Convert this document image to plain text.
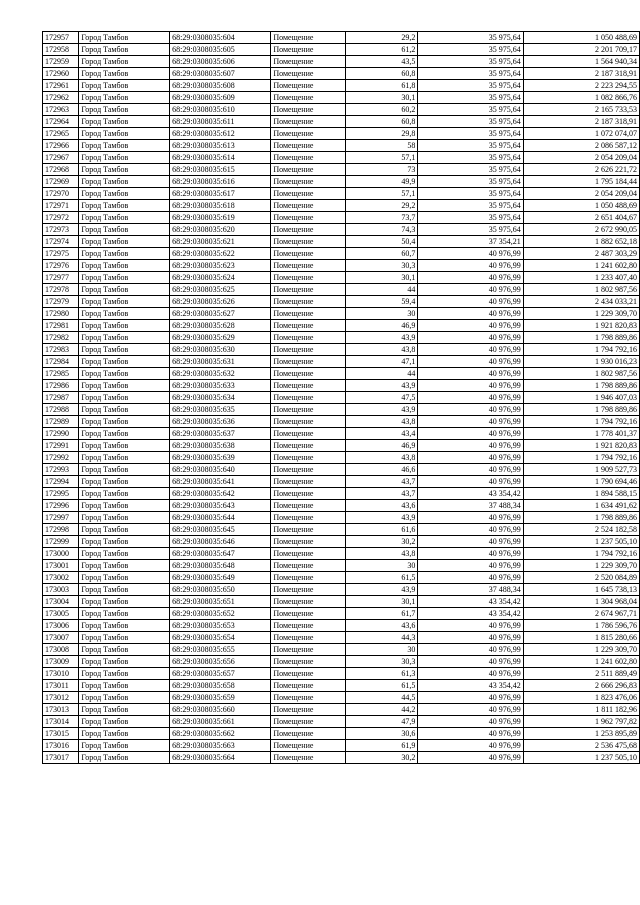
172957	Город Тамбов	68:29:0308035:604	Помещение	29,2	35 975,64	1 050 488,69
172958	Город Тамбов	68:29:0308035:605	Помещение	61,2	35 975,64	2 201 709,17
172959	Город Тамбов	68:29:0308035:606	Помещение	43,5	35 975,64	1 564 940,34
172960	Город Тамбов	68:29:0308035:607	Помещение	60,8	35 975,64	2 187 318,91
172961	Город Тамбов	68:29:0308035:608	Помещение	61,8	35 975,64	2 223 294,55
172962	Город Тамбов	68:29:0308035:609	Помещение	30,1	35 975,64	1 082 866,76
172963	Город Тамбов	68:29:0308035:610	Помещение	60,2	35 975,64	2 165 733,53
172964	Город Тамбов	68:29:0308035:611	Помещение	60,8	35 975,64	2 187 318,91
172965	Город Тамбов	68:29:0308035:612	Помещение	29,8	35 975,64	1 072 074,07
172966	Город Тамбов	68:29:0308035:613	Помещение	58	35 975,64	2 086 587,12
172967	Город Тамбов	68:29:0308035:614	Помещение	57,1	35 975,64	2 054 209,04
172968	Город Тамбов	68:29:0308035:615	Помещение	73	35 975,64	2 626 221,72
172969	Город Тамбов	68:29:0308035:616	Помещение	49,9	35 975,64	1 795 184,44
172970	Город Тамбов	68:29:0308035:617	Помещение	57,1	35 975,64	2 054 209,04
172971	Город Тамбов	68:29:0308035:618	Помещение	29,2	35 975,64	1 050 488,69
172972	Город Тамбов	68:29:0308035:619	Помещение	73,7	35 975,64	2 651 404,67
172973	Город Тамбов	68:29:0308035:620	Помещение	74,3	35 975,64	2 672 990,05
172974	Город Тамбов	68:29:0308035:621	Помещение	50,4	37 354,21	1 882 652,18
172975	Город Тамбов	68:29:0308035:622	Помещение	60,7	40 976,99	2 487 303,29
172976	Город Тамбов	68:29:0308035:623	Помещение	30,3	40 976,99	1 241 602,80
172977	Город Тамбов	68:29:0308035:624	Помещение	30,1	40 976,99	1 233 407,40
172978	Город Тамбов	68:29:0308035:625	Помещение	44	40 976,99	1 802 987,56
172979	Город Тамбов	68:29:0308035:626	Помещение	59,4	40 976,99	2 434 033,21
172980	Город Тамбов	68:29:0308035:627	Помещение	30	40 976,99	1 229 309,70
172981	Город Тамбов	68:29:0308035:628	Помещение	46,9	40 976,99	1 921 820,83
172982	Город Тамбов	68:29:0308035:629	Помещение	43,9	40 976,99	1 798 889,86
172983	Город Тамбов	68:29:0308035:630	Помещение	43,8	40 976,99	1 794 792,16
172984	Город Тамбов	68:29:0308035:631	Помещение	47,1	40 976,99	1 930 016,23
172985	Город Тамбов	68:29:0308035:632	Помещение	44	40 976,99	1 802 987,56
172986	Город Тамбов	68:29:0308035:633	Помещение	43,9	40 976,99	1 798 889,86
172987	Город Тамбов	68:29:0308035:634	Помещение	47,5	40 976,99	1 946 407,03
172988	Город Тамбов	68:29:0308035:635	Помещение	43,9	40 976,99	1 798 889,86
172989	Город Тамбов	68:29:0308035:636	Помещение	43,8	40 976,99	1 794 792,16
172990	Город Тамбов	68:29:0308035:637	Помещение	43,4	40 976,99	1 778 401,37
172991	Город Тамбов	68:29:0308035:638	Помещение	46,9	40 976,99	1 921 820,83
172992	Город Тамбов	68:29:0308035:639	Помещение	43,8	40 976,99	1 794 792,16
172993	Город Тамбов	68:29:0308035:640	Помещение	46,6	40 976,99	1 909 527,73
172994	Город Тамбов	68:29:0308035:641	Помещение	43,7	40 976,99	1 790 694,46
172995	Город Тамбов	68:29:0308035:642	Помещение	43,7	43 354,42	1 894 588,15
172996	Город Тамбов	68:29:0308035:643	Помещение	43,6	37 488,34	1 634 491,62
172997	Город Тамбов	68:29:0308035:644	Помещение	43,9	40 976,99	1 798 889,86
172998	Город Тамбов	68:29:0308035:645	Помещение	61,6	40 976,99	2 524 182,58
172999	Город Тамбов	68:29:0308035:646	Помещение	30,2	40 976,99	1 237 505,10
173000	Город Тамбов	68:29:0308035:647	Помещение	43,8	40 976,99	1 794 792,16
173001	Город Тамбов	68:29:0308035:648	Помещение	30	40 976,99	1 229 309,70
173002	Город Тамбов	68:29:0308035:649	Помещение	61,5	40 976,99	2 520 084,89
173003	Город Тамбов	68:29:0308035:650	Помещение	43,9	37 488,34	1 645 738,13
173004	Город Тамбов	68:29:0308035:651	Помещение	30,1	43 354,42	1 304 968,04
173005	Город Тамбов	68:29:0308035:652	Помещение	61,7	43 354,42	2 674 967,71
173006	Город Тамбов	68:29:0308035:653	Помещение	43,6	40 976,99	1 786 596,76
173007	Город Тамбов	68:29:0308035:654	Помещение	44,3	40 976,99	1 815 280,66
173008	Город Тамбов	68:29:0308035:655	Помещение	30	40 976,99	1 229 309,70
173009	Город Тамбов	68:29:0308035:656	Помещение	30,3	40 976,99	1 241 602,80
173010	Город Тамбов	68:29:0308035:657	Помещение	61,3	40 976,99	2 511 889,49
173011	Город Тамбов	68:29:0308035:658	Помещение	61,5	43 354,42	2 666 296,83
173012	Город Тамбов	68:29:0308035:659	Помещение	44,5	40 976,99	1 823 476,06
173013	Город Тамбов	68:29:0308035:660	Помещение	44,2	40 976,99	1 811 182,96
173014	Город Тамбов	68:29:0308035:661	Помещение	47,9	40 976,99	1 962 797,82
173015	Город Тамбов	68:29:0308035:662	Помещение	30,6	40 976,99	1 253 895,89
173016	Город Тамбов	68:29:0308035:663	Помещение	61,9	40 976,99	2 536 475,68
173017	Город Тамбов	68:29:0308035:664	Помещение	30,2	40 976,99	1 237 505,10
